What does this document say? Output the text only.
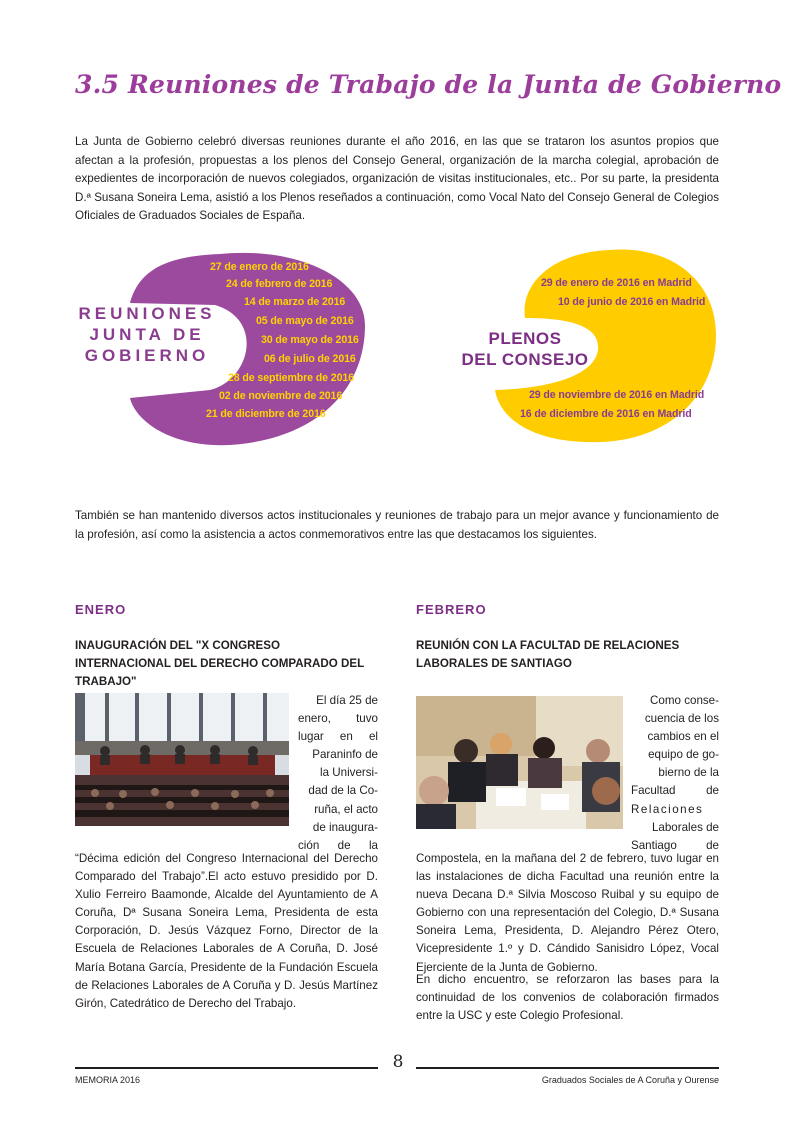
3.5 Reuniones de Trabajo de la Junta de Gobierno

La Junta de Gobierno celebró diversas reuniones durante el año 2016, en las que se trataron los asuntos propios que afectan a la profesión, propuestas a los plenos del Consejo General, organización de la marcha colegial, aprobación de expedientes de incorporación de nuevos colegiados, organización de visitas institucionales, etc.. Por su parte, la presidenta D.ª Susana Soneira Lema, asistió a los Plenos reseñados a continuación, como Vocal Nato del Consejo General de Colegios Oficiales de Graduados Sociales de España.

REUNIONES
JUNTA DE
GOBIERNO
27 de enero de 2016
24 de febrero de 2016
14 de marzo de 2016
05 de mayo de 2016
30 de mayo de 2016
06 de julio de 2016
28 de septiembre de 2016
02 de noviembre de 2016
21 de diciembre de 2016
PLENOS
DEL CONSEJO
29 de enero de 2016 en Madrid
10 de junio de 2016 en Madrid
29 de noviembre de 2016 en Madrid
16 de diciembre de 2016 en Madrid

También se han mantenido diversos actos institucionales y reuniones de trabajo para un mejor avance y funcionamiento de la profesión, así como la asistencia a actos conmemorativos entre las que destacamos los siguientes.

ENERO
INAUGURACIÓN DEL "X CONGRESO INTERNACIONAL DEL DERECHO COMPARADO DEL TRABAJO"
El día 25 de
enero, tuvo
lugar en el
Paraninfo de
la Universi-
dad de la Co-
ruña, el acto
de inaugura-
ción de la

“Décima edición del Congreso Internacional del Derecho Comparado del Trabajo”.El acto estuvo presidido por D. Xulio Ferreiro Baamonde, Alcalde del Ayuntamiento de A Coruña, Dª Susana Soneira Lema, Presidenta de esta Corporación, D. Jesús Vázquez Forno, Director de la Escuela de Relaciones Laborales de A Coruña, D. José María Botana García, Presidente de la Fundación Escuela de Relaciones Laborales de A Coruña y D. Jesús Martínez Girón, Catedrático de Derecho del Trabajo.

FEBRERO
REUNIÓN CON LA FACULTAD DE RELACIONES LABORALES DE SANTIAGO
Como conse-
cuencia de los
cambios en el
equipo de go-
bierno de la
Facultad de
Relaciones
Laborales de
Santiago de

Compostela, en la mañana del 2 de febrero, tuvo lugar en las instalaciones de dicha Facultad una reunión entre la nueva Decana D.ª Silvia Moscoso Ruibal y su equipo de Gobierno con una representación del Colegio, D.ª Susana Soneira Lema, Presidenta, D. Alejandro Pérez Otero, Vicepresidente 1.º y D. Cándido Sanisidro López, Vocal Ejerciente de la Junta de Gobierno.

En dicho encuentro, se reforzaron las bases para la continuidad de los convenios de colaboración firmados entre la USC y este Colegio Profesional.

8
MEMORIA 2016	Graduados Sociales de A Coruña y Ourense
